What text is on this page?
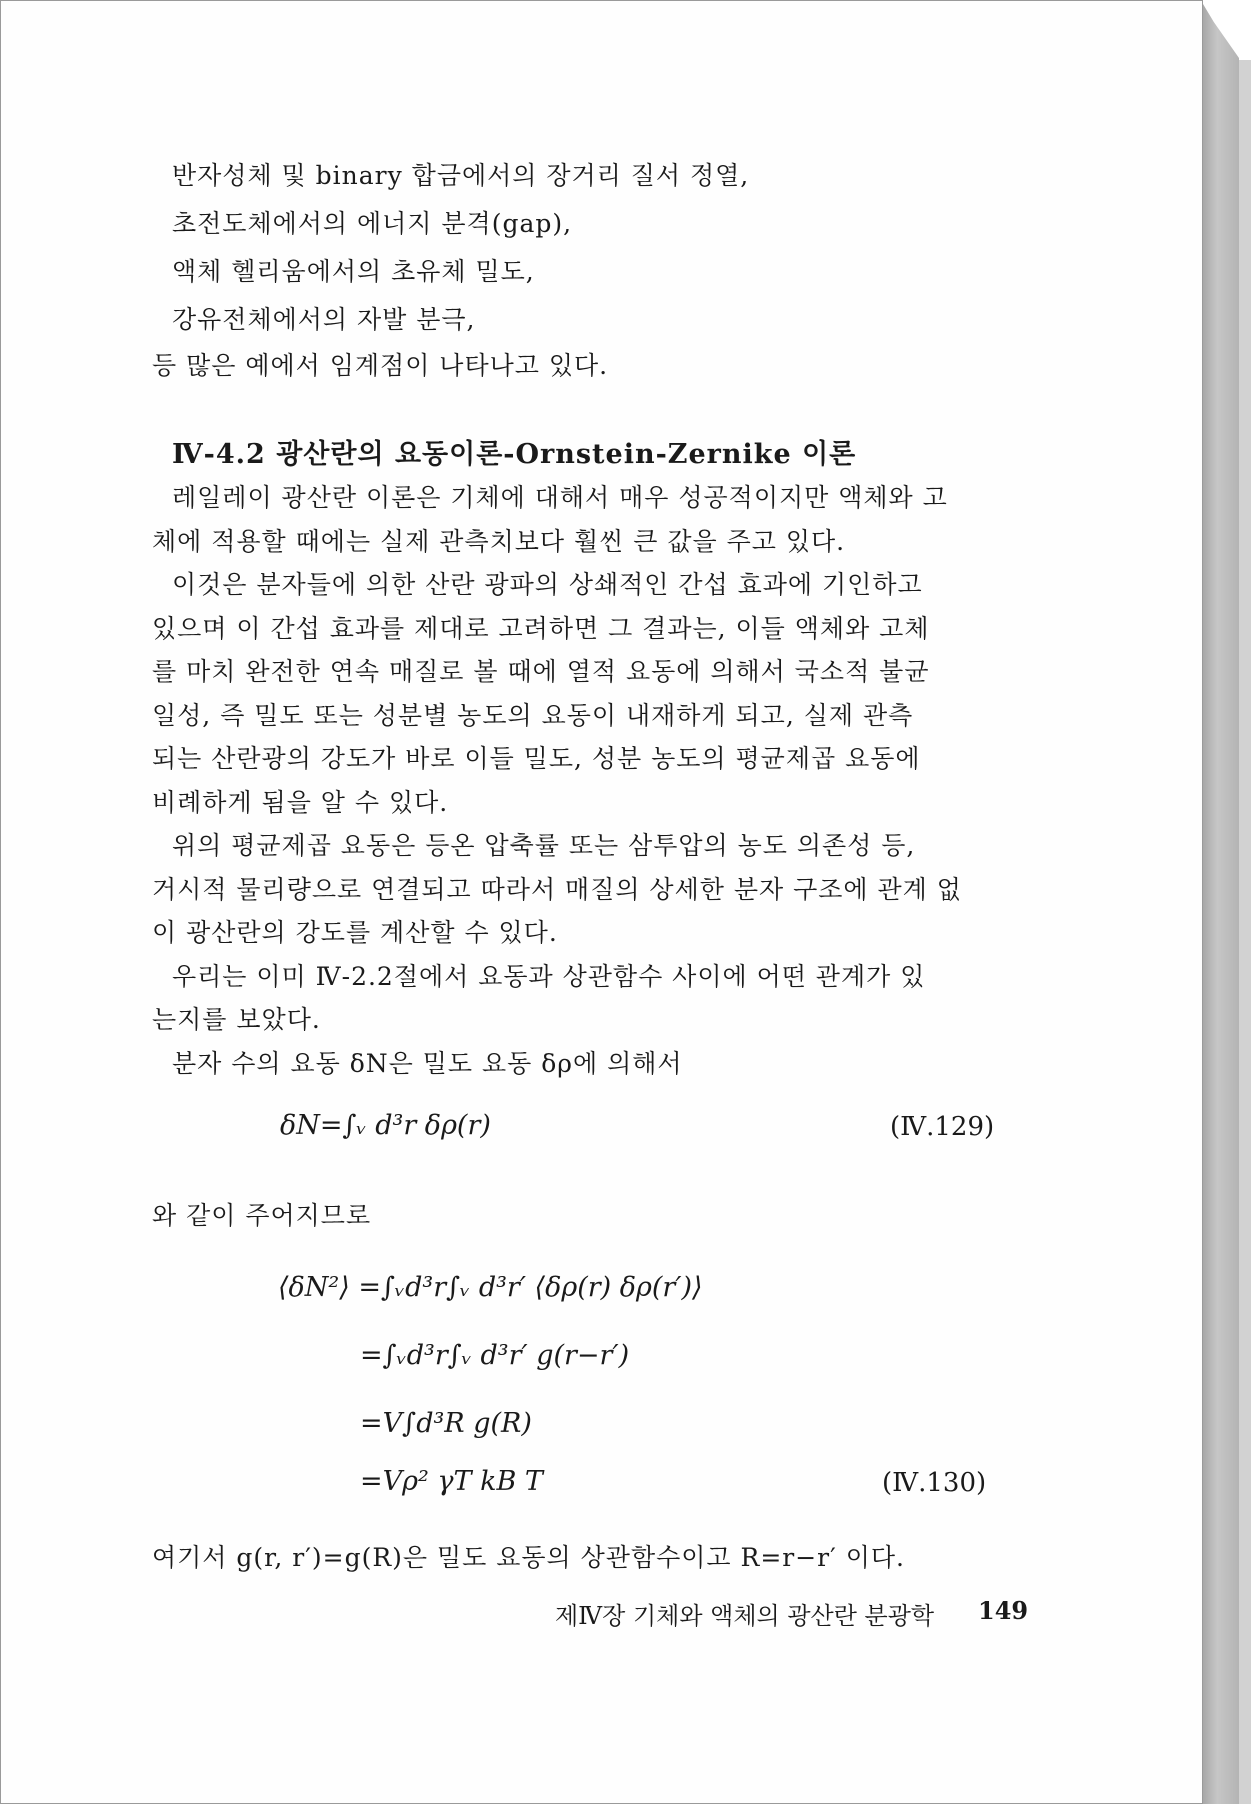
반자성체 및 binary 합금에서의 장거리 질서 정열,
초전도체에서의 에너지 분격(gap),
액체 헬리움에서의 초유체 밀도,
강유전체에서의 자발 분극,
등 많은 예에서 임계점이 나타나고 있다.
Ⅳ-4.2 광산란의 요동이론-Ornstein-Zernike 이론
레일레이 광산란 이론은 기체에 대해서 매우 성공적이지만 액체와 고
체에 적용할 때에는 실제 관측치보다 훨씬 큰 값을 주고 있다.
이것은 분자들에 의한 산란 광파의 상쇄적인 간섭 효과에 기인하고
있으며 이 간섭 효과를 제대로 고려하면 그 결과는, 이들 액체와 고체
를 마치 완전한 연속 매질로 볼 때에 열적 요동에 의해서 국소적 불균
일성, 즉 밀도 또는 성분별 농도의 요동이 내재하게 되고, 실제 관측
되는 산란광의 강도가 바로 이들 밀도, 성분 농도의 평균제곱 요동에
비례하게 됨을 알 수 있다.
위의 평균제곱 요동은 등온 압축률 또는 삼투압의 농도 의존성 등,
거시적 물리량으로 연결되고 따라서 매질의 상세한 분자 구조에 관계 없
이 광산란의 강도를 계산할 수 있다.
우리는 이미 Ⅳ-2.2절에서 요동과 상관함수 사이에 어떤 관계가 있
는지를 보았다.
분자 수의 요동 δN은 밀도 요동 δρ에 의해서
δN=∫ᵥ d³r δρ(r)	(Ⅳ.129)
와 같이 주어지므로
⟨δN²⟩ =∫ᵥd³r∫ᵥ d³r′ ⟨δρ(r) δρ(r′)⟩
=∫ᵥd³r∫ᵥ d³r′ g(r−r′)
=V∫d³R g(R)
=Vρ² γT kB T	(Ⅳ.130)
여기서 g(r, r′)=g(R)은 밀도 요동의 상관함수이고 R=r−r′ 이다.
제Ⅳ장 기체와 액체의 광산란 분광학 149
